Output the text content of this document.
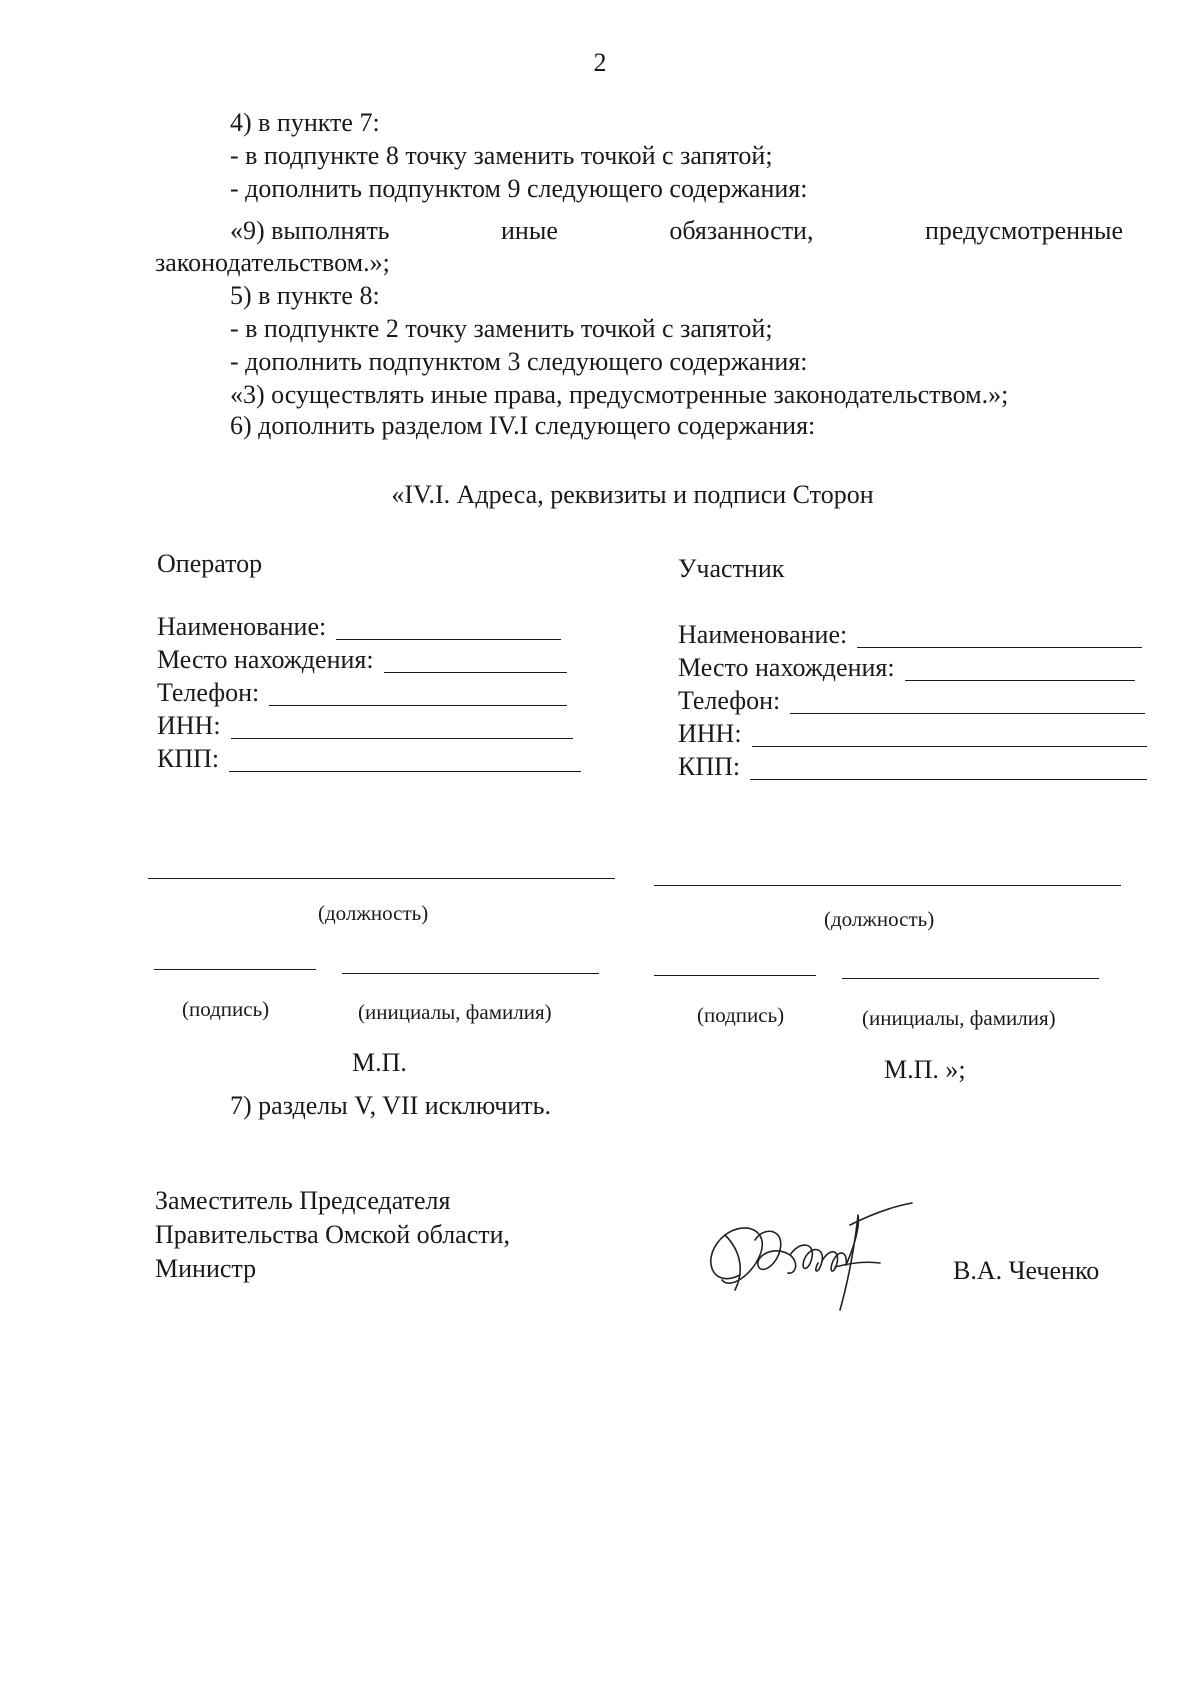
2
4) в пункте 7:
- в подпункте 8 точку заменить точкой с запятой;
- дополнить подпунктом 9 следующего содержания:
«9) выполнять	иные	обязанности,	предусмотренные
законодательством.»;
5) в пункте 8:
- в подпункте 2 точку заменить точкой с запятой;
- дополнить подпунктом 3 следующего содержания:
«3) осуществлять иные права, предусмотренные законодательством.»;
6) дополнить разделом IV.I следующего содержания:
«IV.I. Адреса, реквизиты и подписи Сторон
Оператор
Наименование:
Место нахождения:
Телефон:
ИНН:
КПП:
Участник
Наименование:
Место нахождения:
Телефон:
ИНН:
КПП:
(должность)	(должность)
(подпись)	(инициалы, фамилия)	(подпись)	(инициалы, фамилия)
М.П.	М.П. »;
7) разделы V, VII исключить.
Заместитель Председателя
Правительства Омской области,
Министр	В.А. Чеченко
